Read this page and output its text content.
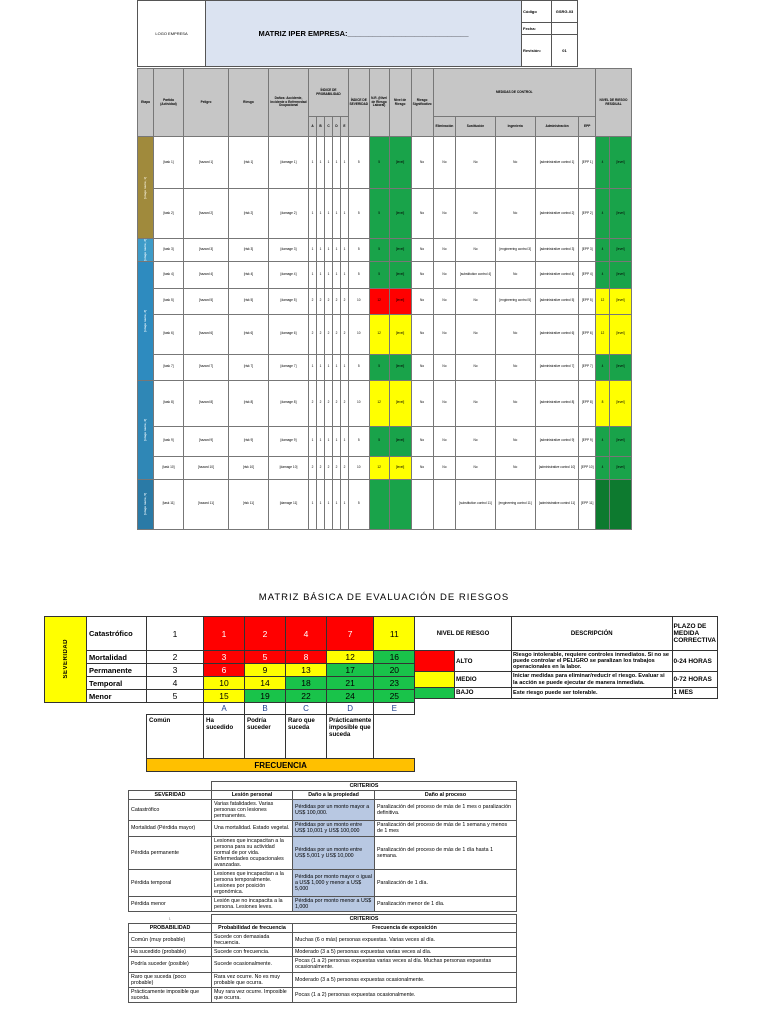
LOGO EMPRESA	MATRIZ IPER EMPRESA:_____________________________	Código	GSRG-03
		Fecha:	
		Revisión:	01
Etapa	Partida (Actividad)	Peligro	Riesgo	Daños: Accidente, Incidente o Enfermedad Ocupacional	ÍNDICE DE PROBABILIDAD					ÍNDICE DE SEVERIDAD	N.R. (Nivel de Riesgo Laboral)	Nivel de Riesgo	Riesgo Significativo	MEDIDAS DE CONTROL					NIVEL DE RIESGO RESIDUAL	
					A	B	C	D	E					Eliminación	Sustitución	Ingeniería	Administración	EPP		

[stage name, 1]	[task 1]	[hazard 1]	[risk 1]	[damage 1]	1	1	1	1	1	5	5	[level]	No	No	No	No	[administrative control 1]	[EPP 1]	4	[level]
	[task 2]	[hazard 2]	[risk 2]	[damage 2]	1	1	1	1	1	5	5	[level]	No	No	No	No	[administrative control 2]	[EPP 2]	4	[level]

[stage name, 2]	[task 3]	[hazard 3]	[risk 3]	[damage 3]	1	1	1	1	1	5	5	[level]	No	No	No	[engineering control 3]	[administrative control 3]	[EPP 3]	4	[level]

[stage name, 3]	[task 4]	[hazard 4]	[risk 4]	[damage 4]	1	1	1	1	1	5	5	[level]	No	No	[substitution control 4]	No	[administrative control 4]	[EPP 4]	4	[level]
	[task 5]	[hazard 5]	[risk 5]	[damage 5]	2	2	2	2	2	10	12	[level]	No	No	No	[engineering control 5]	[administrative control 5]	[EPP 5]	12	[level]
	[task 6]	[hazard 6]	[risk 6]	[damage 6]	2	2	2	2	2	10	12	[level]	No	No	No	No	[administrative control 6]	[EPP 6]	12	[level]
	[task 7]	[hazard 7]	[risk 7]	[damage 7]	1	1	1	1	1	5	5	[level]	No	No	No	No	[administrative control 7]	[EPP 7]	4	[level]

[stage name, 4]	[task 8]	[hazard 8]	[risk 8]	[damage 8]	2	2	2	2	2	10	12	[level]	No	No	No	No	[administrative control 8]	[EPP 8]	8	[level]
	[task 9]	[hazard 9]	[risk 9]	[damage 9]	1	1	1	1	1	5	5	[level]	No	No	No	No	[administrative control 9]	[EPP 9]	4	[level]
	[task 10]	[hazard 10]	[risk 10]	[damage 10]	2	2	2	2	2	10	12	[level]	No	No	No	No	[administrative control 10]	[EPP 10]	4	[level]

[stage name, 5]	[task 11]	[hazard 11]	[risk 11]	[damage 11]	1	1	1	1	1	5					[substitution control 11]	[engineering control 11]	[administrative control 11]	[EPP 11]		
MATRIZ BÁSICA DE EVALUACIÓN DE RIESGOS
SEVERIDAD	Catastrófico	1	1	2	4	7	11
	Mortalidad	2	3	5	8	12	16
	Permanente	3	6	9	13	17	20
	Temporal	4	10	14	18	21	23
	Menor	5	15	19	22	24	25
			A	B	C	D	E
		Común	Ha sucedido	Podría suceder	Raro que suceda	Prácticamente imposible que suceda	
		FRECUENCIA					
NIVEL DE RIESGO		DESCRIPCIÓN	PLAZO DE MEDIDA CORRECTIVA
	ALTO	Riesgo intolerable, requiere controles inmediatos. Si no se puede controlar el PELIGRO se paralizan los trabajos operacionales en la labor.	0-24 HORAS
	MEDIO	Iniciar medidas para eliminar/reducir el riesgo. Evaluar si la acción se puede ejecutar de manera inmediata.	0-72 HORAS
	BAJO	Este riesgo puede ser tolerable.	1 MES
	CRITERIOS		
SEVERIDAD	Lesión personal	Daño a la propiedad	Daño al proceso
Catastrófico	Varias fatalidades. Varias personas con lesiones permanentes.	Pérdidas por un monto mayor a US$ 100,000.	Paralización del proceso de más de 1 mes o paralización definitiva.
Mortalidad (Pérdida mayor)	Una mortalidad. Estado vegetal.	Pérdidas por un monto entre US$ 10,001 y US$ 100,000	Paralización del proceso de más de 1 semana y menos de 1 mes
Pérdida permanente	Lesiones que incapacitan a la persona para su actividad normal de por vida. Enfermedades ocupacionales avanzadas.	Pérdidas por un monto entre US$ 5,001 y US$ 10,000	Paralización del proceso de más de 1 día hasta 1 semana.
Pérdida temporal	Lesiones que incapacitan a la persona temporalmente. Lesiones por posición ergonómica.	Pérdida por monto mayor o igual a US$ 1,000 y menor a US$ 5,000	Paralización de 1 día.
Pérdida menor	Lesión que no incapacita a la persona. Lesiones leves.	Pérdida por monto menor a US$ 1,000	Paralización menor de 1 día.
1	CRITERIOS	
PROBABILIDAD	Probabilidad de frecuencia	Frecuencia de exposición
Común (muy probable)	Sucede con demasiada frecuencia.	Muchas (6 o más) personas expuestas. Varias veces al día.
Ha sucedido (probable)	Sucede con frecuencia.	Moderado (3 a 5) personas expuestas varias veces al día.
Podría suceder (posible)	Sucede ocasionalmente.	Pocas (1 a 2) personas expuestas varias veces al día. Muchas personas expuestas ocasionalmente.
Raro que suceda (poco probable)	Rara vez ocurre. No es muy probable que ocurra.	Moderado (3 a 5) personas expuestas ocasionalmente.
Prácticamente imposible que suceda.	Muy rara vez ocurre. Imposible que ocurra.	Pocas (1 a 2) personas expuestas ocasionalmente.
